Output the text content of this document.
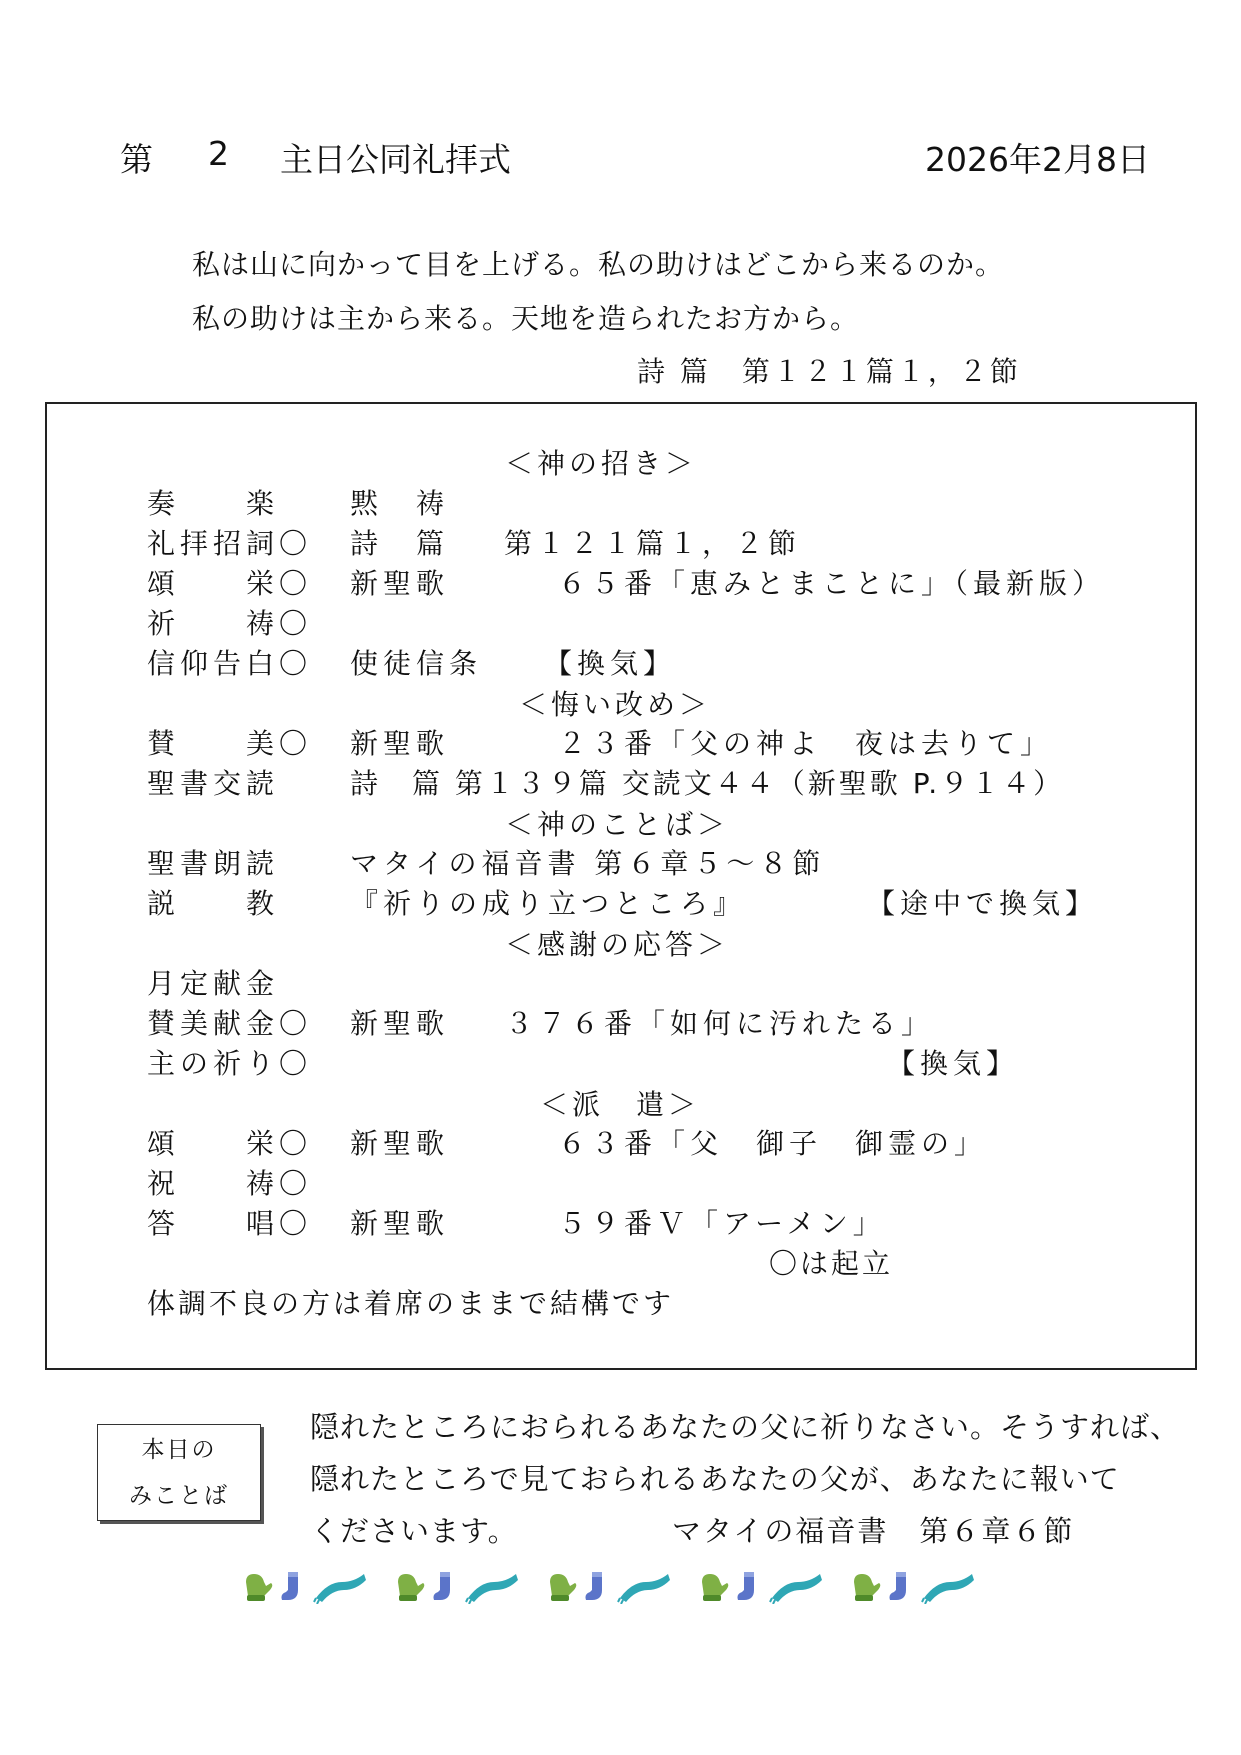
第 2 主日公同礼拝式	2026年2月8日
私は山に向かって目を上げる。私の助けはどこから来るのか。
私の助けは主から来る。天地を造られたお方から。
詩 篇　第１２１篇１，２節
＜神の招き＞
奏　　楽	黙　祷
礼拝招詞〇 詩　篇 第１２１篇１，２節
頌　　栄〇 新聖歌	　６５番「恵みとまことに」（最新版）
祈　　祷〇
信仰告白〇 使徒信条 　【換気】
＜悔い改め＞
賛　　美〇 新聖歌	　２３番「父の神よ　夜は去りて」
聖書交読	詩　篇 第１３９篇 交読文４４（新聖歌 P.９１４）
＜神のことば＞
聖書朗読	マタイの福音書 第６章５～８節
説　　教	『祈りの成り立つところ』	【途中で換気】
＜感謝の応答＞
月定献金
賛美献金〇 新聖歌 ３７６番「如何に汚れたる」
主の祈り〇	【換気】
＜派　遣＞
頌　　栄〇 新聖歌	　６３番「父　御子　御霊の」
祝　　祷〇
答　　唱〇 新聖歌	　５９番Ｖ「アーメン」
〇は起立
体調不良の方は着席のままで結構です
本日の
みことば
隠れたところにおられるあなたの父に祈りなさい。そうすれば、
隠れたところで見ておられるあなたの父が、あなたに報いて
くださいます。	マタイの福音書　第６章６節
